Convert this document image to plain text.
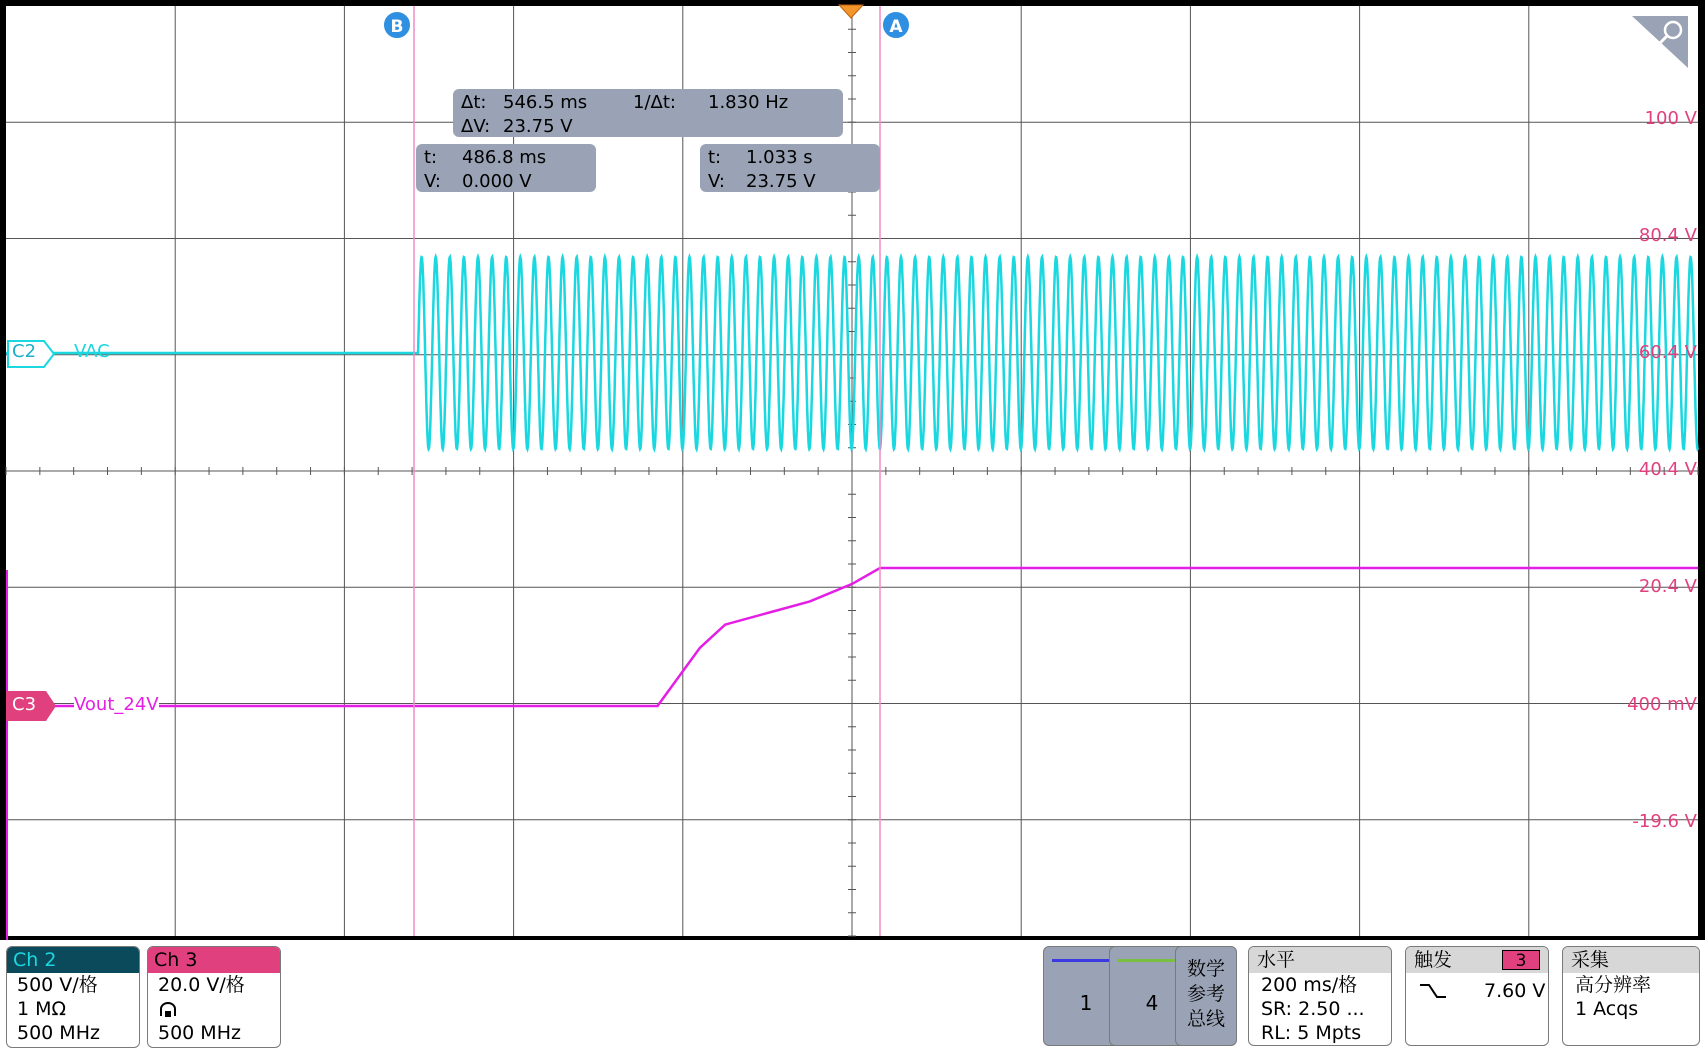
B	A
Δt: 546.5 ms	1/Δt:	1.830 Hz
ΔV: 23.75 V
t:	486.8 ms
V:	0.000 V
t:	1.033 s
V:	23.75 V
C2 VAC
C3 Vout_24V
100 V
80.4 V
60.4 V
40.4 V
20.4 V
400 mV
-19.6 V
Ch 2
500 V/格
1 MΩ
500 MHz
Ch 3
20.0 V/格
500 MHz
1	4
数学
参考
总线
水平
200 ms/格
SR: 2.50 ...
RL: 5 Mpts
触发	3
7.60 V
采集
高分辨率
1 Acqs
